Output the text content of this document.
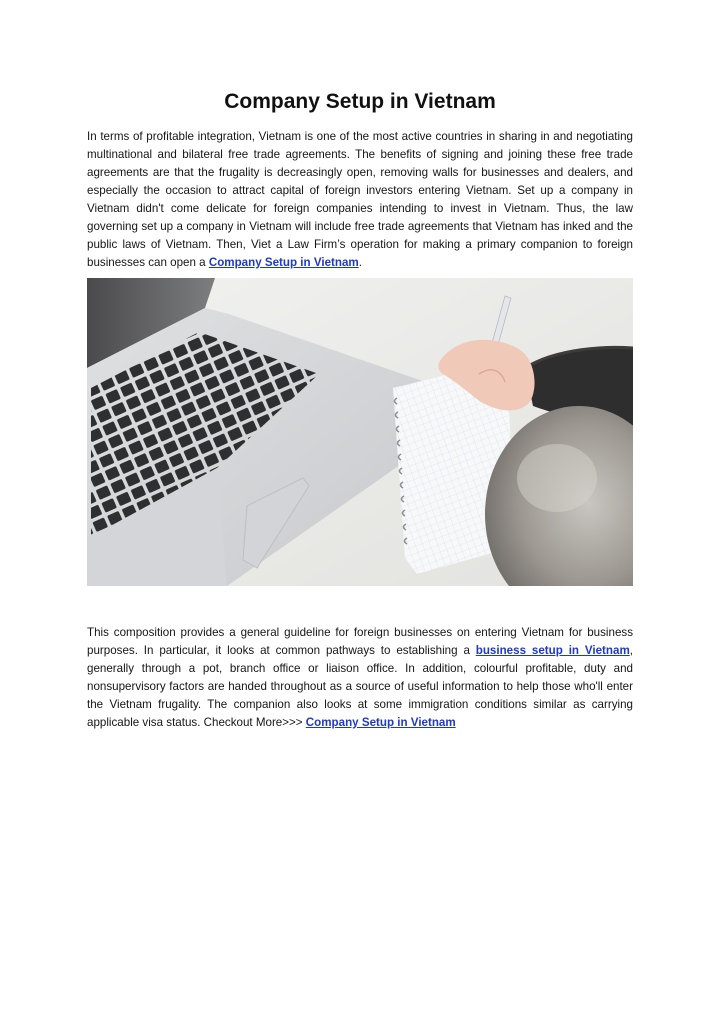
Company Setup in Vietnam

In terms of profitable integration, Vietnam is one of the most active countries in sharing in and negotiating multinational and bilateral free trade agreements. The benefits of signing and joining these free trade agreements are that the frugality is decreasingly open, removing walls for businesses and dealers, and especially the occasion to attract capital of foreign investors entering Vietnam. Set up a company in Vietnam didn't come delicate for foreign companies intending to invest in Vietnam. Thus, the law governing set up a company in Vietnam will include free trade agreements that Vietnam has inked and the public laws of Vietnam. Then, Viet a Law Firm’s operation for making a primary companion to foreign businesses can open a Company Setup in Vietnam.

This composition provides a general guideline for foreign businesses on entering Vietnam for business purposes. In particular, it looks at common pathways to establishing a business setup in Vietnam, generally through a pot, branch office or liaison office. In addition, colourful profitable, duty and nonsupervisory factors are handed throughout as a source of useful information to help those who'll enter the Vietnam frugality. The companion also looks at some immigration conditions similar as carrying applicable visa status. Checkout More>>> Company Setup in Vietnam
